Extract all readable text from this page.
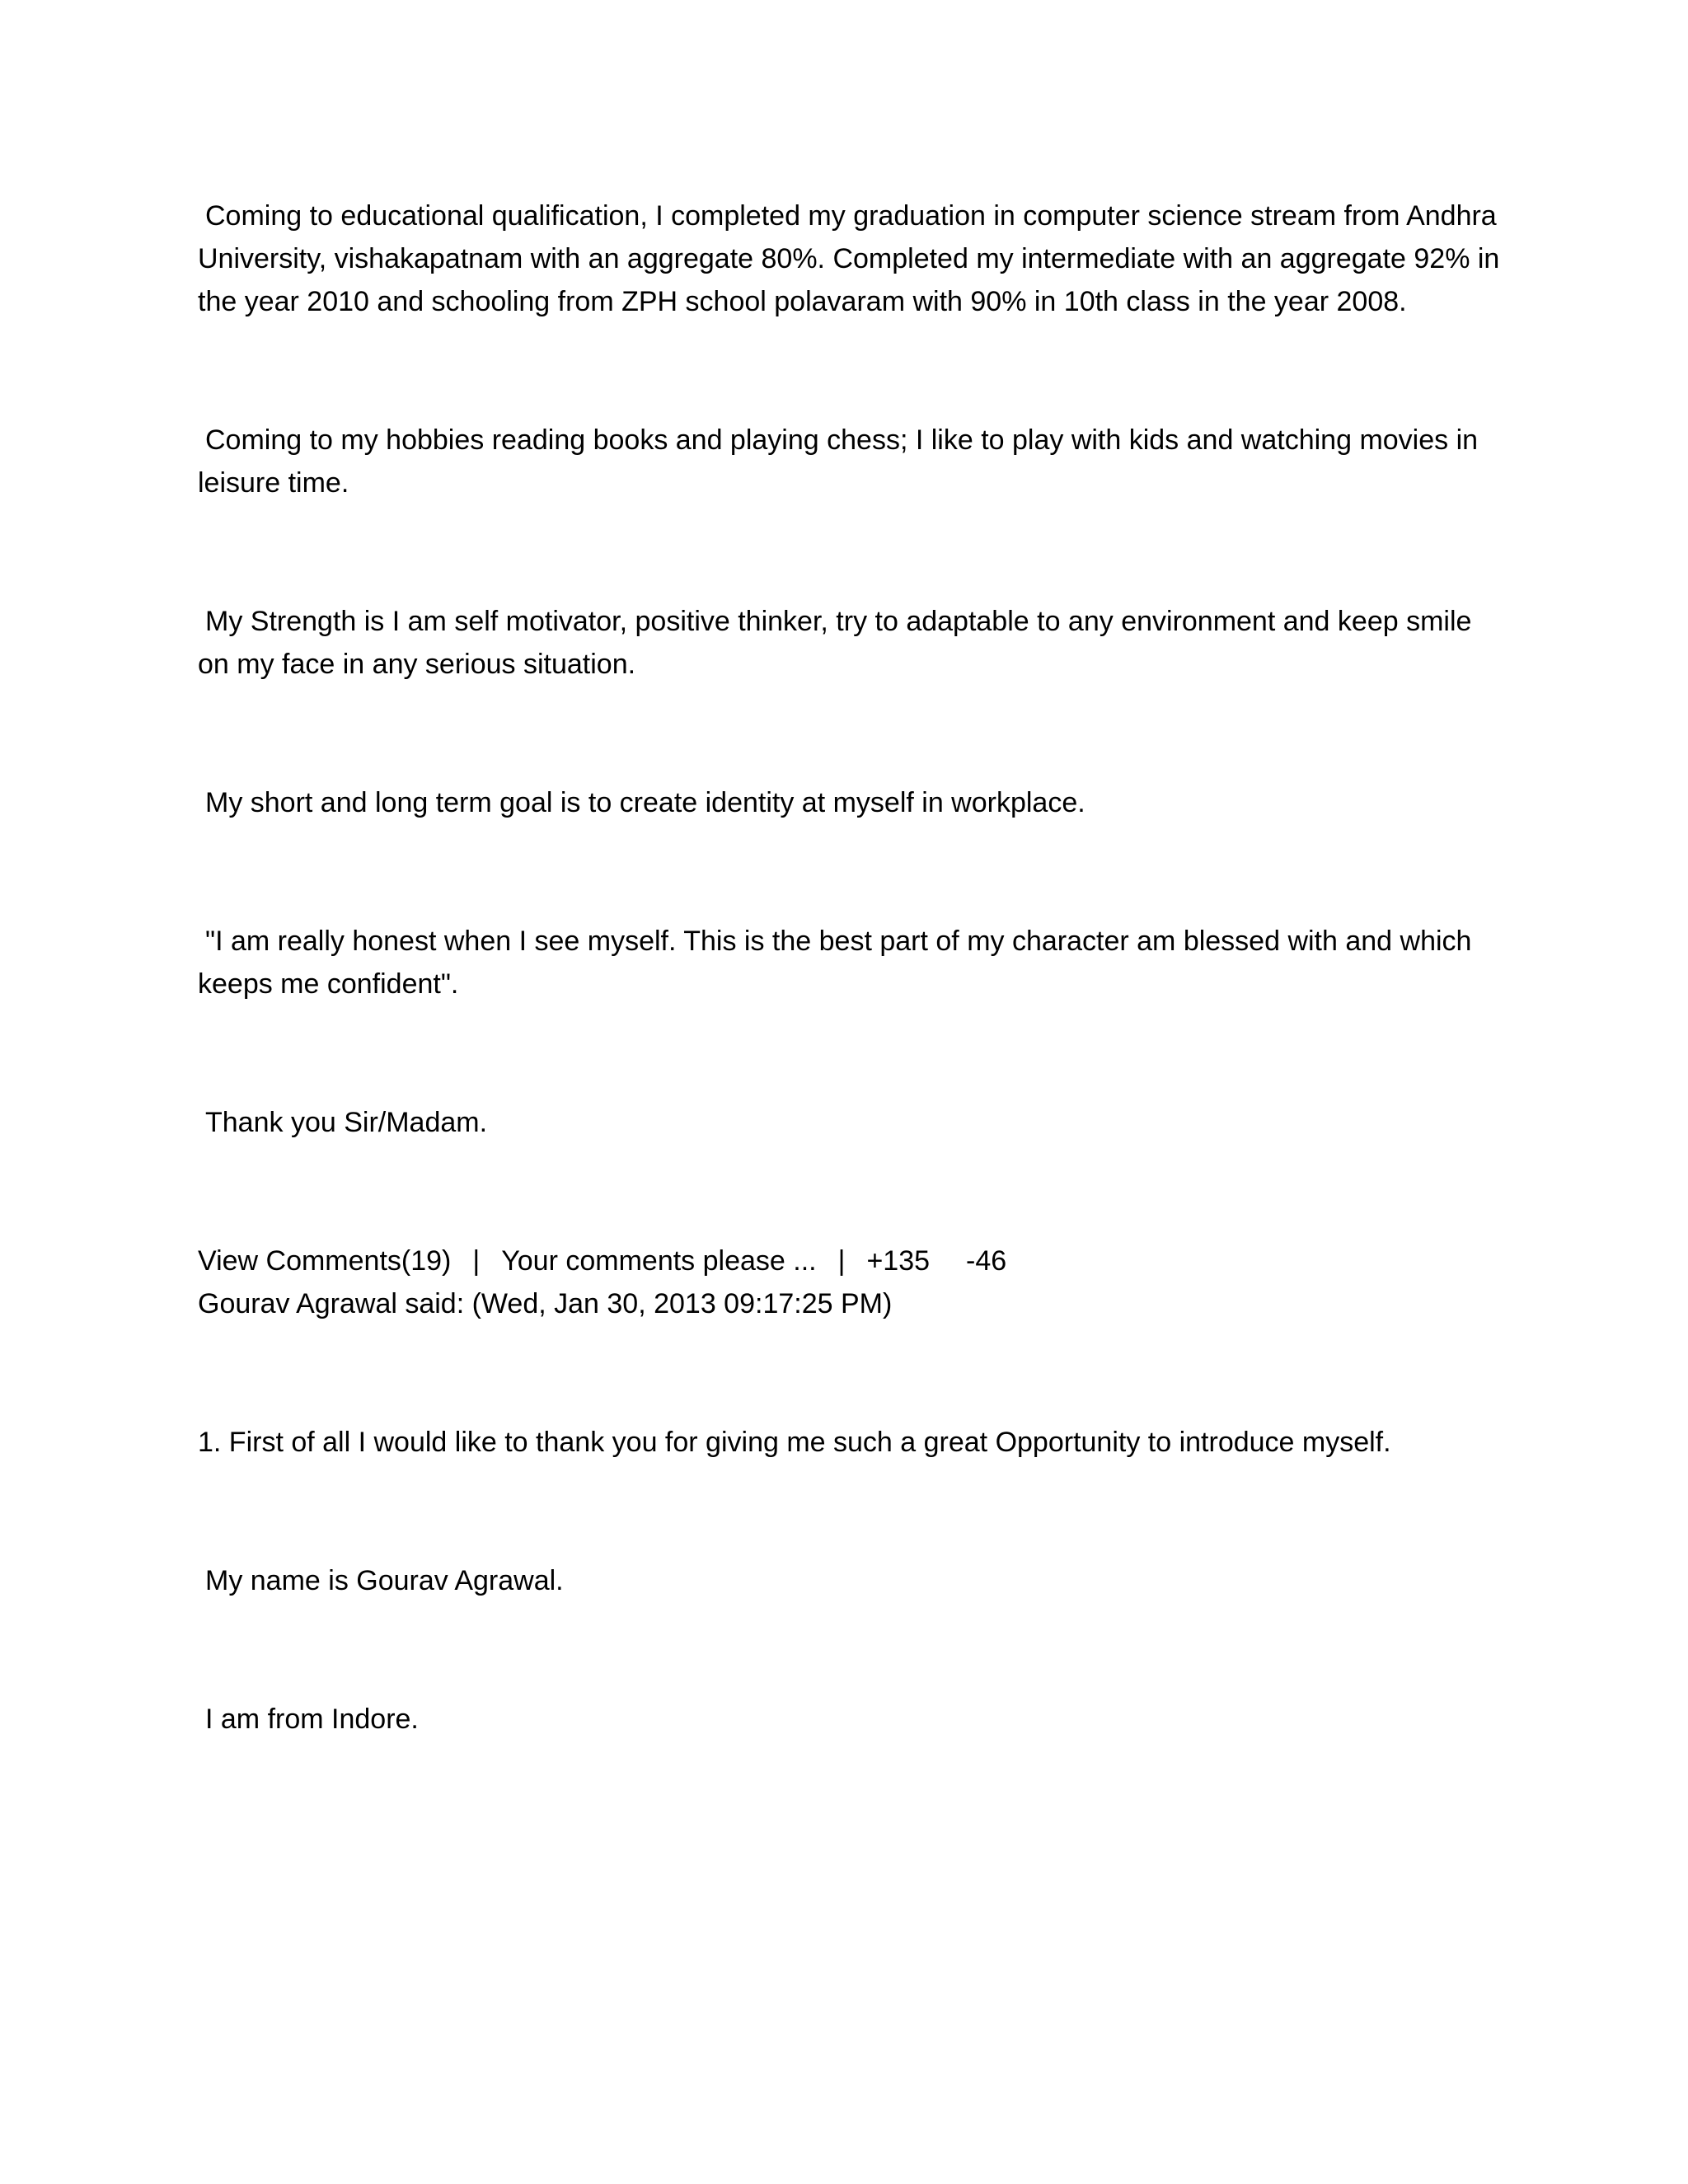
Coming to educational qualification, I completed my graduation in computer science stream from Andhra University, vishakapatnam with an aggregate 80%. Completed my intermediate with an aggregate 92% in the year 2010 and schooling from ZPH school polavaram with 90% in 10th class in the year 2008.

Coming to my hobbies reading books and playing chess; I like to play with kids and watching movies in leisure time.

My Strength is I am self motivator, positive thinker, try to adaptable to any environment and keep smile on my face in any serious situation.

My short and long term goal is to create identity at myself in workplace.

"I am really honest when I see myself. This is the best part of my character am blessed with and which keeps me confident".

Thank you Sir/Madam.

View Comments(19) | Your comments please ... | +135 -46

Gourav Agrawal said: (Wed, Jan 30, 2013 09:17:25 PM)

1. First of all I would like to thank you for giving me such a great Opportunity to introduce myself.

My name is Gourav Agrawal.

I am from Indore.
